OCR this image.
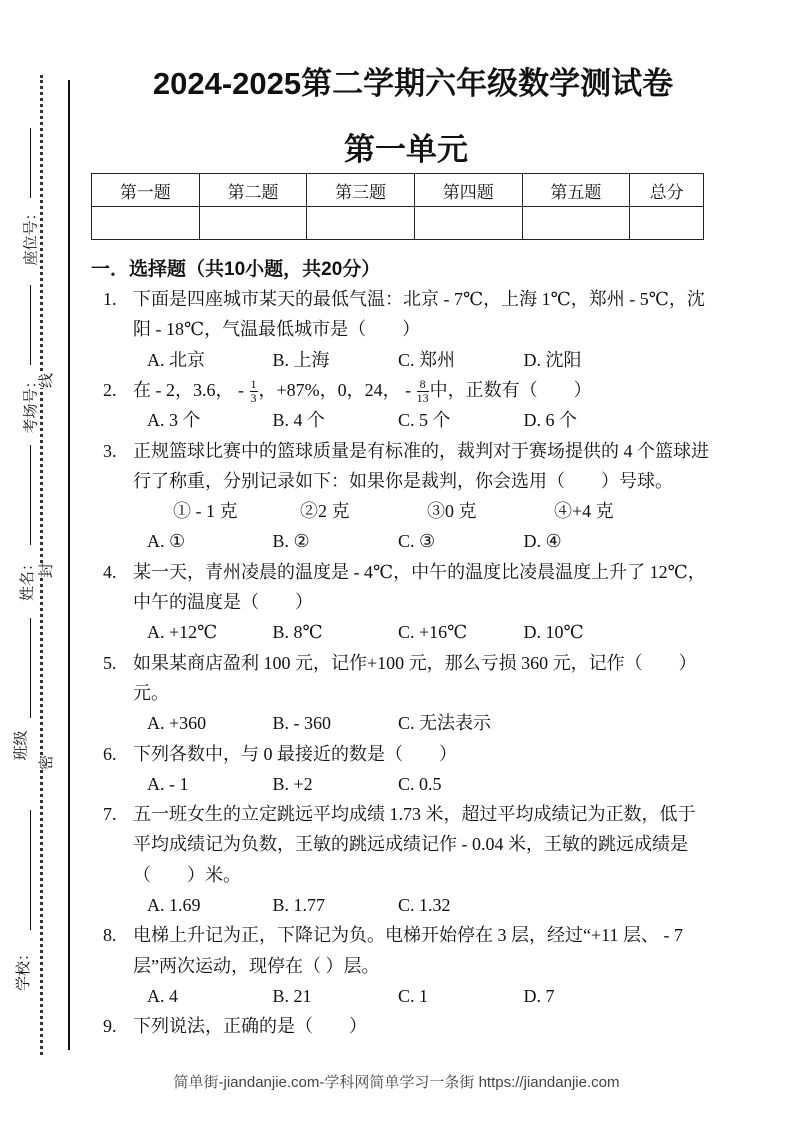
线
封
密
座位号：
考场号：
姓名：
班级
学校：
2024-2025第二学期六年级数学测试卷
第一单元
第一题	第二题	第三题	第四题	第五题	总分

一．选择题（共10小题，共20分）
1. 下面是四座城市某天的最低气温：北京 - 7℃，上海 1℃，郑州 - 5℃，沈
阳 - 18℃，气温最低城市是（　　）
A. 北京	B. 上海	C. 郑州	D. 沈阳
2. 在 - 2，3.6， - $\frac{1}{3}$ ，+87%，0，24， - $\frac{8}{13}$ 中，正数有（　　）
A. 3 个	B. 4 个	C. 5 个	D. 6 个
3. 正规篮球比赛中的篮球质量是有标准的，裁判对于赛场提供的 4 个篮球进
行了称重，分别记录如下：如果你是裁判，你会选用（　　）号球。
① - 1 克	②2 克	③0 克	④+4 克
A. ①	B. ②	C. ③	D. ④
4. 某一天，青州凌晨的温度是 - 4℃，中午的温度比凌晨温度上升了 12℃，
中午的温度是（　　）
A. +12℃	B. 8℃	C. +16℃	D. 10℃
5. 如果某商店盈利 100 元，记作+100 元，那么亏损 360 元，记作（　　）
元。
A. +360	B. - 360	C. 无法表示
6. 下列各数中，与 0 最接近的数是（　　）
A. - 1	B. +2	C. 0.5
7. 五一班女生的立定跳远平均成绩 1.73 米，超过平均成绩记为正数，低于
平均成绩记为负数，王敏的跳远成绩记作 - 0.04 米，王敏的跳远成绩是
（　　）米。
A. 1.69	B. 1.77	C. 1.32
8. 电梯上升记为正，下降记为负。电梯开始停在 3 层，经过“+11 层、 - 7
层”两次运动，现停在（ ）层。
A. 4	B. 21	C. 1	D. 7
9. 下列说法，正确的是（　　）
简单街-jiandanjie.com-学科网简单学习一条街 https://jiandanjie.com
